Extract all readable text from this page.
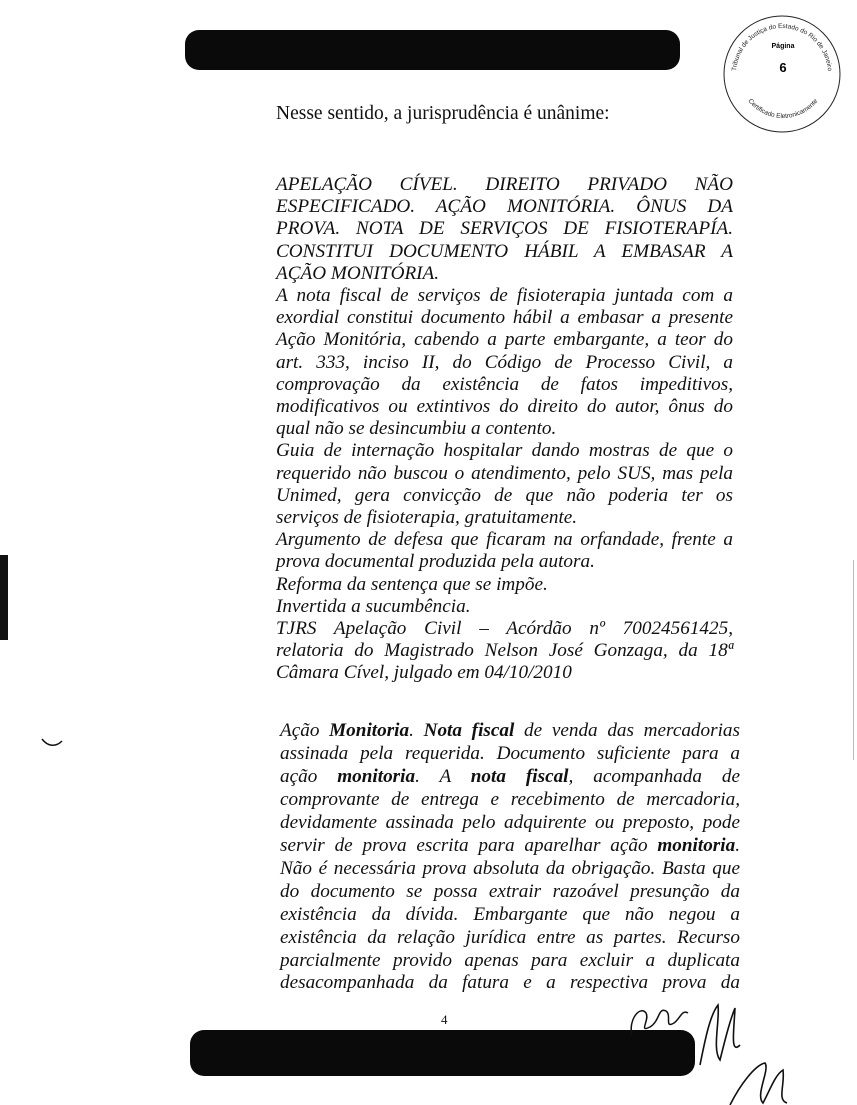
Tribunal de Justiça do Estado do Rio de Janeiro
Página
6
Certificado Eletronicamente
Nesse sentido, a jurisprudência é unânime:
APELAÇÃO CÍVEL. DIREITO PRIVADO NÃO
ESPECIFICADO. AÇÃO MONITÓRIA. ÔNUS DA
PROVA. NOTA DE SERVIÇOS DE FISIOTERAPÍA.
CONSTITUI DOCUMENTO HÁBIL A EMBASAR A
AÇÃO MONITÓRIA.
A nota fiscal de serviços de fisioterapia juntada com a
exordial constitui documento hábil a embasar a presente
Ação Monitória, cabendo a parte embargante, a teor do
art. 333, inciso II, do Código de Processo Civil, a
comprovação da existência de fatos impeditivos,
modificativos ou extintivos do direito do autor, ônus do
qual não se desincumbiu a contento.
Guia de internação hospitalar dando mostras de que o
requerido não buscou o atendimento, pelo SUS, mas pela
Unimed, gera convicção de que não poderia ter os
serviços de fisioterapia, gratuitamente.
Argumento de defesa que ficaram na orfandade, frente a
prova documental produzida pela autora.
Reforma da sentença que se impõe.
Invertida a sucumbência.
TJRS Apelação Civil – Acórdão nº 70024561425,
relatoria do Magistrado Nelson José Gonzaga, da 18ª
Câmara Cível, julgado em 04/10/2010
Ação Monitoria. Nota fiscal de venda das mercadorias
assinada pela requerida. Documento suficiente para a
ação monitoria. A nota fiscal, acompanhada de
comprovante de entrega e recebimento de mercadoria,
devidamente assinada pelo adquirente ou preposto, pode
servir de prova escrita para aparelhar ação monitoria.
Não é necessária prova absoluta da obrigação. Basta que
do documento se possa extrair razoável presunção da
existência da dívida. Embargante que não negou a
existência da relação jurídica entre as partes. Recurso
parcialmente provido apenas para excluir a duplicata
desacompanhada da fatura e a respectiva prova da
4
